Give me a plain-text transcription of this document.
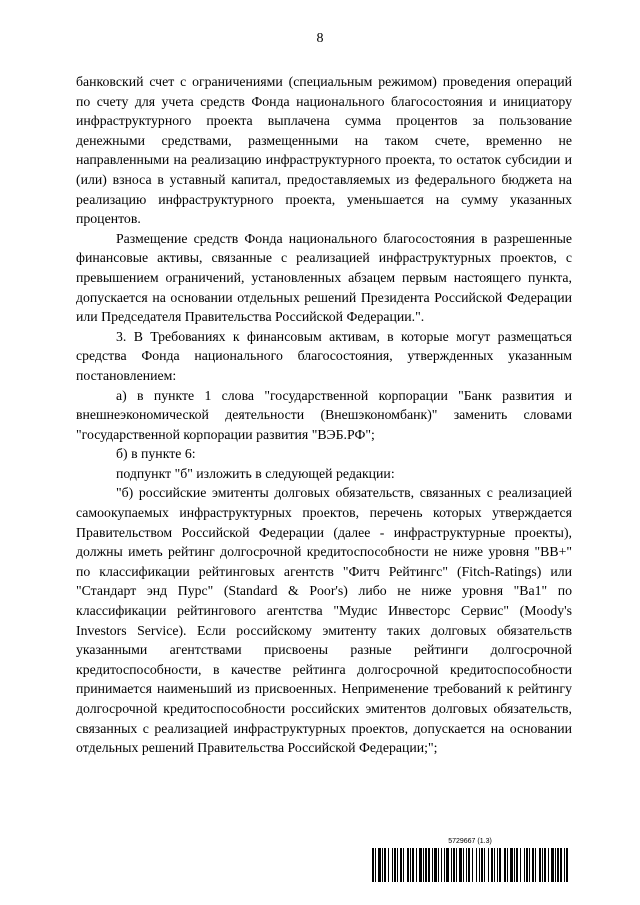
8

банковский счет с ограничениями (специальным режимом) проведения операций по счету для учета средств Фонда национального благосостояния и инициатору инфраструктурного проекта выплачена сумма процентов за пользование денежными средствами, размещенными на таком счете, временно не направленными на реализацию инфраструктурного проекта, то остаток субсидии и (или) взноса в уставный капитал, предоставляемых из федерального бюджета на реализацию инфраструктурного проекта, уменьшается на сумму указанных процентов.

Размещение средств Фонда национального благосостояния в разрешенные финансовые активы, связанные с реализацией инфраструктурных проектов, с превышением ограничений, установленных абзацем первым настоящего пункта, допускается на основании отдельных решений Президента Российской Федерации или Председателя Правительства Российской Федерации.".

3. В Требованиях к финансовым активам, в которые могут размещаться средства Фонда национального благосостояния, утвержденных указанным постановлением:

а) в пункте 1 слова "государственной корпорации "Банк развития и внешнеэкономической деятельности (Внешэкономбанк)" заменить словами "государственной корпорации развития "ВЭБ.РФ";

б) в пункте 6:

подпункт "б" изложить в следующей редакции:

"б) российские эмитенты долговых обязательств, связанных с реализацией самоокупаемых инфраструктурных проектов, перечень которых утверждается Правительством Российской Федерации (далее - инфраструктурные проекты), должны иметь рейтинг долгосрочной кредитоспособности не ниже уровня "BB+" по классификации рейтинговых агентств "Фитч Рейтингс" (Fitch-Ratings) или "Стандарт энд Пурс" (Standard & Poor's) либо не ниже уровня "Ba1" по классификации рейтингового агентства "Мудис Инвесторс Сервис" (Moody's Investors Service). Если российскому эмитенту таких долговых обязательств указанными агентствами присвоены разные рейтинги долгосрочной кредитоспособности, в качестве рейтинга долгосрочной кредитоспособности принимается наименьший из присвоенных. Неприменение требований к рейтингу долгосрочной кредитоспособности российских эмитентов долговых обязательств, связанных с реализацией инфраструктурных проектов, допускается на основании отдельных решений Правительства Российской Федерации;";

5729667 (1.3)
